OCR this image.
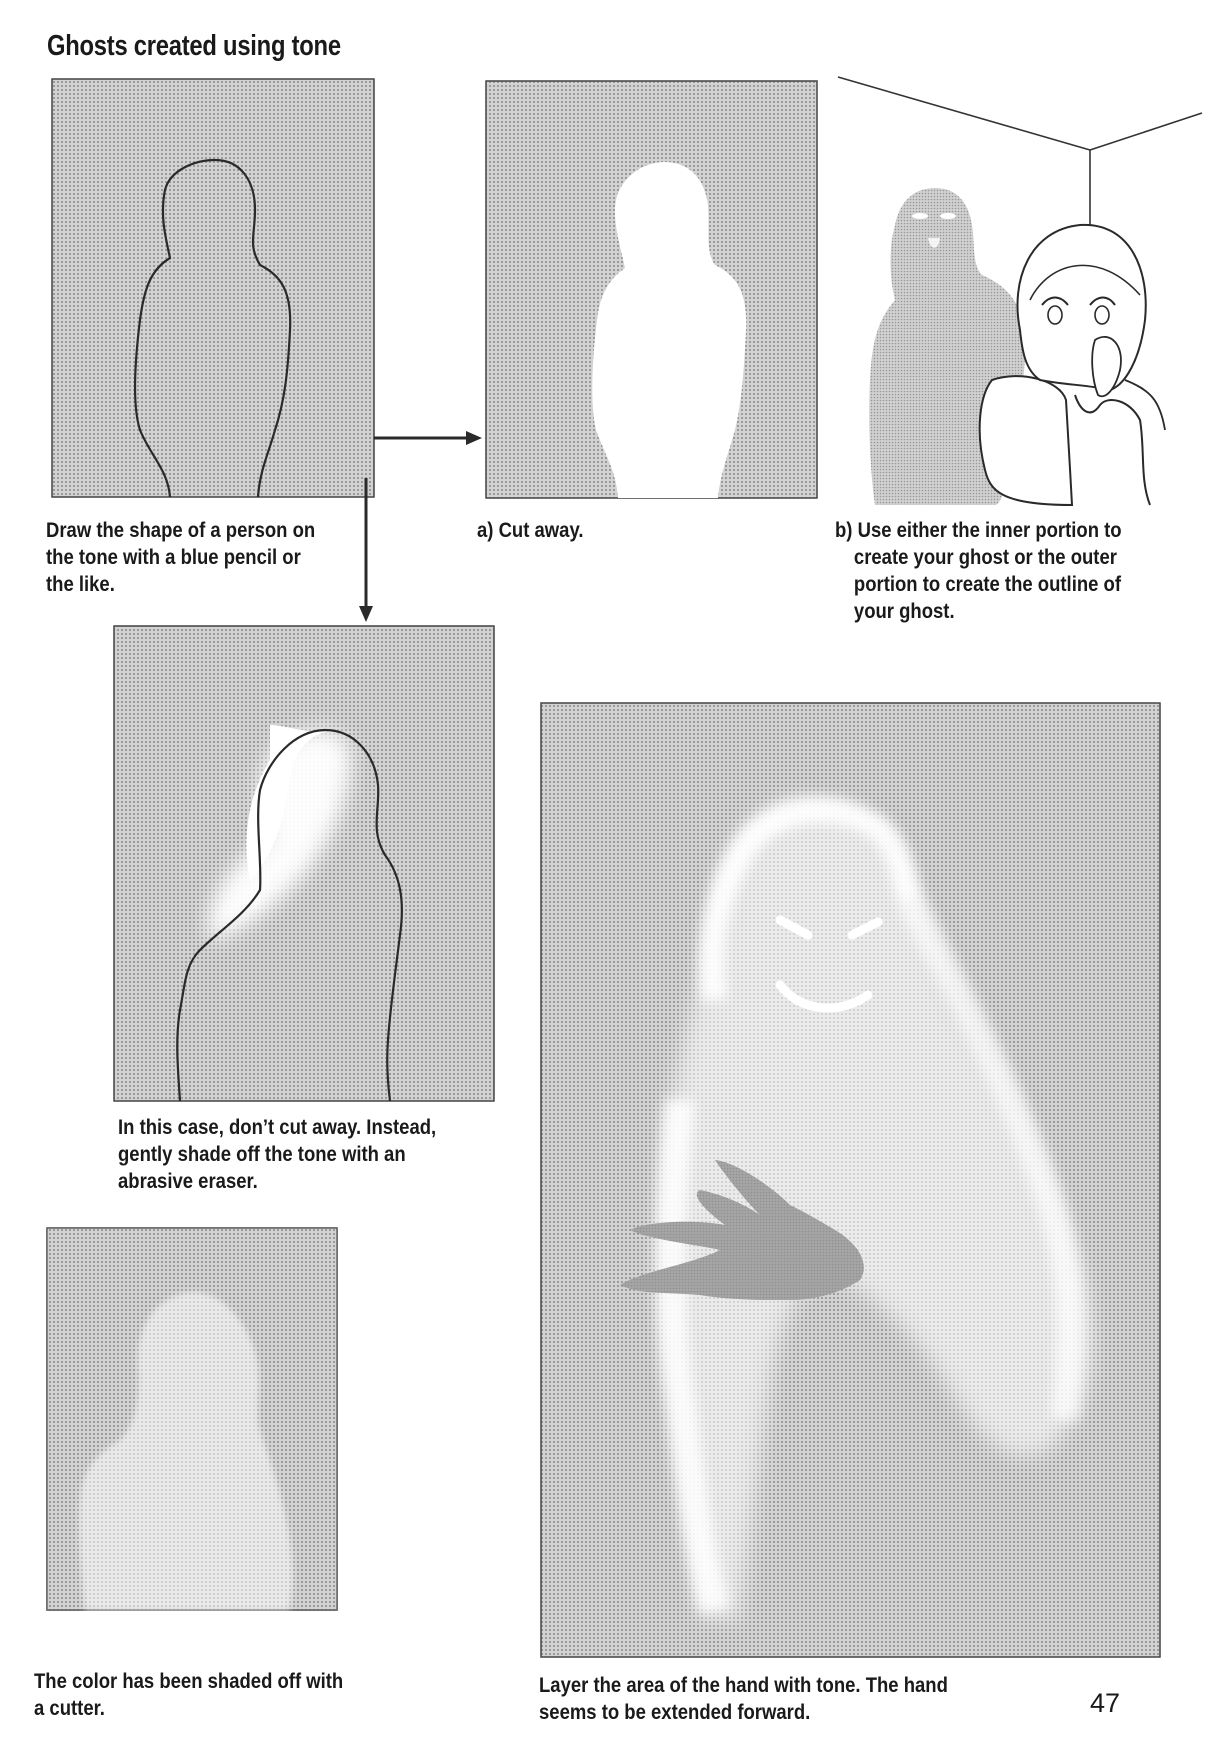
Ghosts created using tone
Draw the shape of a person on
the tone with a blue pencil or
the like.
a) Cut away.	b) Use either the inner portion to
create your ghost or the outer
portion to create the outline of
your ghost.
In this case, don’t cut away. Instead,
gently shade off the tone with an
abrasive eraser.
The color has been shaded off with
a cutter.
Layer the area of the hand with tone. The hand
seems to be extended forward.	47
